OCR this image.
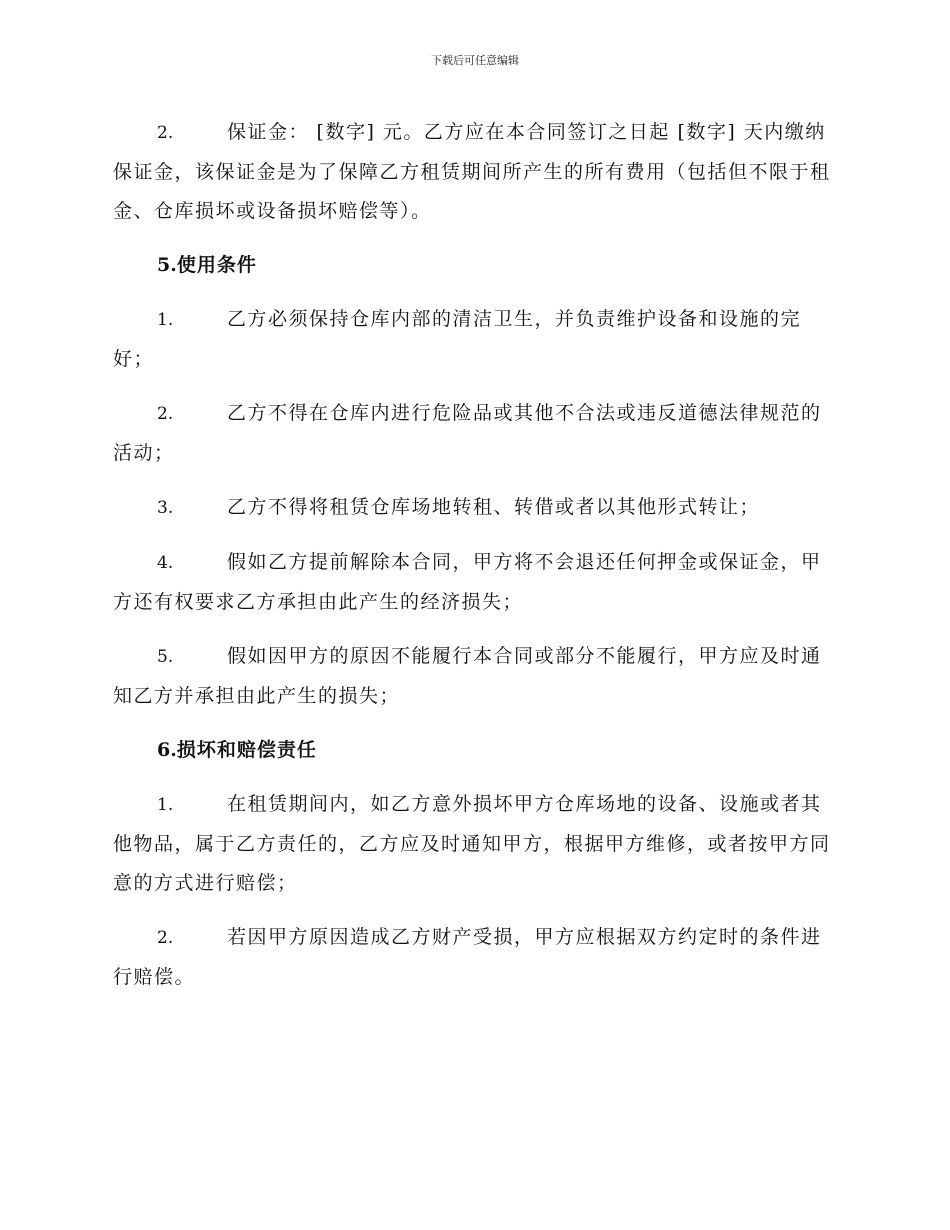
下载后可任意编辑

2.	保证金： [数字] 元。乙方应在本合同签订之日起 [数字] 天内缴纳保证金，该保证金是为了保障乙方租赁期间所产生的所有费用（包括但不限于租金、仓库损坏或设备损坏赔偿等）。

5.使用条件

1.	乙方必须保持仓库内部的清洁卫生，并负责维护设备和设施的完好；

2.	乙方不得在仓库内进行危险品或其他不合法或违反道德法律规范的活动；

3.	乙方不得将租赁仓库场地转租、转借或者以其他形式转让；

4.	假如乙方提前解除本合同，甲方将不会退还任何押金或保证金，甲方还有权要求乙方承担由此产生的经济损失；

5.	假如因甲方的原因不能履行本合同或部分不能履行，甲方应及时通知乙方并承担由此产生的损失；

6.损坏和赔偿责任

1.	在租赁期间内，如乙方意外损坏甲方仓库场地的设备、设施或者其他物品，属于乙方责任的，乙方应及时通知甲方，根据甲方维修，或者按甲方同意的方式进行赔偿；

2.	若因甲方原因造成乙方财产受损，甲方应根据双方约定时的条件进行赔偿。
